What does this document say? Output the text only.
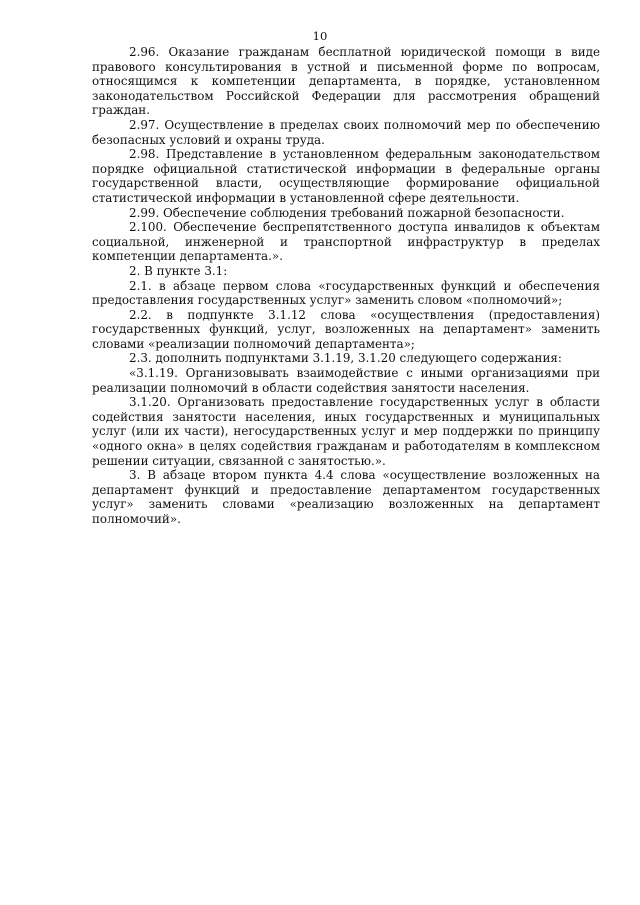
10

2.96. Оказание гражданам бесплатной юридической помощи в виде правового консультирования в устной и письменной форме по вопросам, относящимся к компетенции департамента, в порядке, установленном законодательством Российской Федерации для рассмотрения обращений граждан.

2.97. Осуществление в пределах своих полномочий мер по обеспечению безопасных условий и охраны труда.

2.98. Представление в установленном федеральным законодательством порядке официальной статистической информации в федеральные органы государственной власти, осуществляющие формирование официальной статистической информации в установленной сфере деятельности.

2.99. Обеспечение соблюдения требований пожарной безопасности.

2.100. Обеспечение беспрепятственного доступа инвалидов к объектам социальной, инженерной и транспортной инфраструктур в пределах компетенции департамента.».

2. В пункте 3.1:

2.1. в абзаце первом слова «государственных функций и обеспечения предоставления государственных услуг» заменить словом «полномочий»;

2.2. в подпункте 3.1.12 слова «осуществления (предоставления) государственных функций, услуг, возложенных на департамент» заменить словами «реализации полномочий департамента»;

2.3. дополнить подпунктами 3.1.19, 3.1.20 следующего содержания:

«3.1.19. Организовывать взаимодействие с иными организациями при реализации полномочий в области содействия занятости населения.

3.1.20. Организовать предоставление государственных услуг в области содействия занятости населения, иных государственных и муниципальных услуг (или их части), негосударственных услуг и мер поддержки по принципу «одного окна» в целях содействия гражданам и работодателям в комплексном решении ситуации, связанной с занятостью.».

3. В абзаце втором пункта 4.4 слова «осуществление возложенных на департамент функций и предоставление департаментом государственных услуг» заменить словами «реализацию возложенных на департамент полномочий».
